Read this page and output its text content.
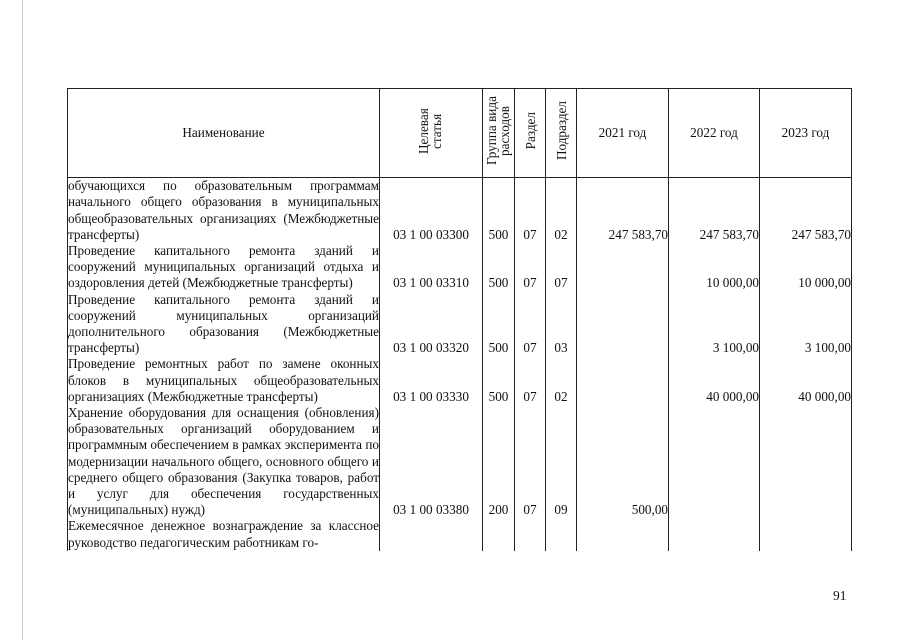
Наименование	Целевая статья	Группа вида расходов	Раздел	Подраздел	2021 год	2022 год	2023 год
обучающихся по образовательным программам начального общего образования в муниципальных общеобразовательных организациях (Межбюджетные трансферты)	03 1 00 03300	500	07	02	247 583,70	247 583,70	247 583,70
Проведение капитального ремонта зданий и сооружений муниципальных организаций отдыха и оздоровления детей (Межбюджетные трансферты)	03 1 00 03310	500	07	07		10 000,00	10 000,00
Проведение капитального ремонта зданий и сооружений муниципальных организаций дополнительного образования (Межбюджетные трансферты)	03 1 00 03320	500	07	03		3 100,00	3 100,00
Проведение ремонтных работ по замене оконных блоков в муниципальных общеобразовательных организациях (Межбюджетные трансферты)	03 1 00 03330	500	07	02		40 000,00	40 000,00
Хранение оборудования для оснащения (обновления) образовательных организаций оборудованием и программным обеспечением в рамках эксперимента по модернизации начального общего, основного общего и среднего общего образования (Закупка товаров, работ и услуг для обеспечения государственных (муниципальных) нужд)	03 1 00 03380	200	07	09	500,00		
Ежемесячное денежное вознаграждение за классное руководство педагогическим работникам го-							
91
